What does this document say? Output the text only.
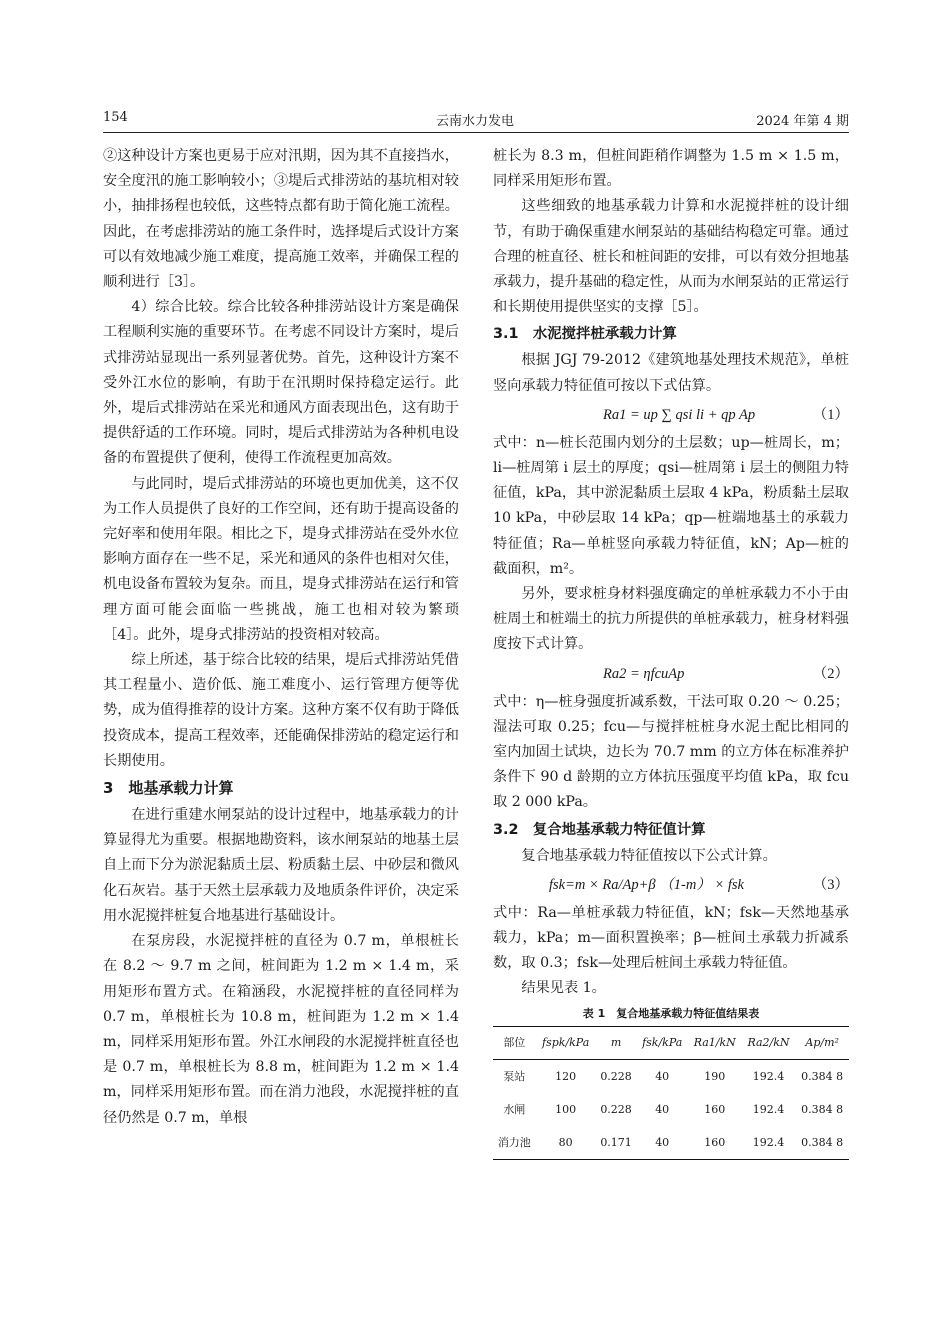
154	云南水力发电	2024 年第 4 期

②这种设计方案也更易于应对汛期，因为其不直接挡水，安全度汛的施工影响较小；③堤后式排涝站的基坑相对较小，抽排扬程也较低，这些特点都有助于简化施工流程。因此，在考虑排涝站的施工条件时，选择堤后式设计方案可以有效地减少施工难度，提高施工效率，并确保工程的顺利进行［3］。

4）综合比较。综合比较各种排涝站设计方案是确保工程顺利实施的重要环节。在考虑不同设计方案时，堤后式排涝站显现出一系列显著优势。首先，这种设计方案不受外江水位的影响，有助于在汛期时保持稳定运行。此外，堤后式排涝站在采光和通风方面表现出色，这有助于提供舒适的工作环境。同时，堤后式排涝站为各种机电设备的布置提供了便利，使得工作流程更加高效。

与此同时，堤后式排涝站的环境也更加优美，这不仅为工作人员提供了良好的工作空间，还有助于提高设备的完好率和使用年限。相比之下，堤身式排涝站在受外水位影响方面存在一些不足，采光和通风的条件也相对欠佳，机电设备布置较为复杂。而且，堤身式排涝站在运行和管理方面可能会面临一些挑战，施工也相对较为繁琐［4］。此外，堤身式排涝站的投资相对较高。

综上所述，基于综合比较的结果，堤后式排涝站凭借其工程量小、造价低、施工难度小、运行管理方便等优势，成为值得推荐的设计方案。这种方案不仅有助于降低投资成本，提高工程效率，还能确保排涝站的稳定运行和长期使用。

3　地基承载力计算

在进行重建水闸泵站的设计过程中，地基承载力的计算显得尤为重要。根据地勘资料，该水闸泵站的地基土层自上而下分为淤泥黏质土层、粉质黏土层、中砂层和微风化石灰岩。基于天然土层承载力及地质条件评价，决定采用水泥搅拌桩复合地基进行基础设计。

在泵房段，水泥搅拌桩的直径为 0.7 m，单根桩长在 8.2 ～ 9.7 m 之间，桩间距为 1.2 m × 1.4 m，采用矩形布置方式。在箱涵段，水泥搅拌桩的直径同样为 0.7 m，单根桩长为 10.8 m，桩间距为 1.2 m × 1.4 m，同样采用矩形布置。外江水闸段的水泥搅拌桩直径也是 0.7 m，单根桩长为 8.8 m，桩间距为 1.2 m × 1.4 m，同样采用矩形布置。而在消力池段，水泥搅拌桩的直径仍然是 0.7 m，单根

桩长为 8.3 m，但桩间距稍作调整为 1.5 m × 1.5 m，同样采用矩形布置。

这些细致的地基承载力计算和水泥搅拌桩的设计细节，有助于确保重建水闸泵站的基础结构稳定可靠。通过合理的桩直径、桩长和桩间距的安排，可以有效分担地基承载力，提升基础的稳定性，从而为水闸泵站的正常运行和长期使用提供坚实的支撑［5］。

3.1　水泥搅拌桩承载力计算

根据 JGJ 79-2012《建筑地基处理技术规范》，单桩竖向承载力特征值可按以下式估算。

Ra1 = up ∑ qsi li + qp Ap	（1）

式中：n—桩长范围内划分的土层数；up—桩周长，m；li—桩周第 i 层土的厚度；qsi—桩周第 i 层土的侧阻力特征值，kPa，其中淤泥黏质土层取 4 kPa，粉质黏土层取 10 kPa，中砂层取 14 kPa；qp—桩端地基土的承载力特征值；Ra—单桩竖向承载力特征值，kN；Ap—桩的截面积，m²。

另外，要求桩身材料强度确定的单桩承载力不小于由桩周土和桩端土的抗力所提供的单桩承载力，桩身材料强度按下式计算。

Ra2 = ηfcuAp	（2）

式中：η—桩身强度折减系数，干法可取 0.20 ～ 0.25；湿法可取 0.25；fcu—与搅拌桩桩身水泥土配比相同的室内加固土试块，边长为 70.7 mm 的立方体在标准养护条件下 90 d 龄期的立方体抗压强度平均值 kPa，取 fcu 取 2 000 kPa。

3.2　复合地基承载力特征值计算

复合地基承载力特征值按以下公式计算。

fsk=m × Ra/Ap+β （1-m） × fsk	（3）

式中：Ra—单桩承载力特征值，kN；fsk—天然地基承载力，kPa；m—面积置换率；β—桩间土承载力折减系数，取 0.3；fsk—处理后桩间土承载力特征值。

结果见表 1。

表 1　复合地基承载力特征值结果表
部位	fspk/kPa	m	fsk/kPa	Ra1/kN	Ra2/kN	Ap/m²
泵站	120	0.228	40	190	192.4	0.384 8
水闸	100	0.228	40	160	192.4	0.384 8
消力池	80	0.171	40	160	192.4	0.384 8
